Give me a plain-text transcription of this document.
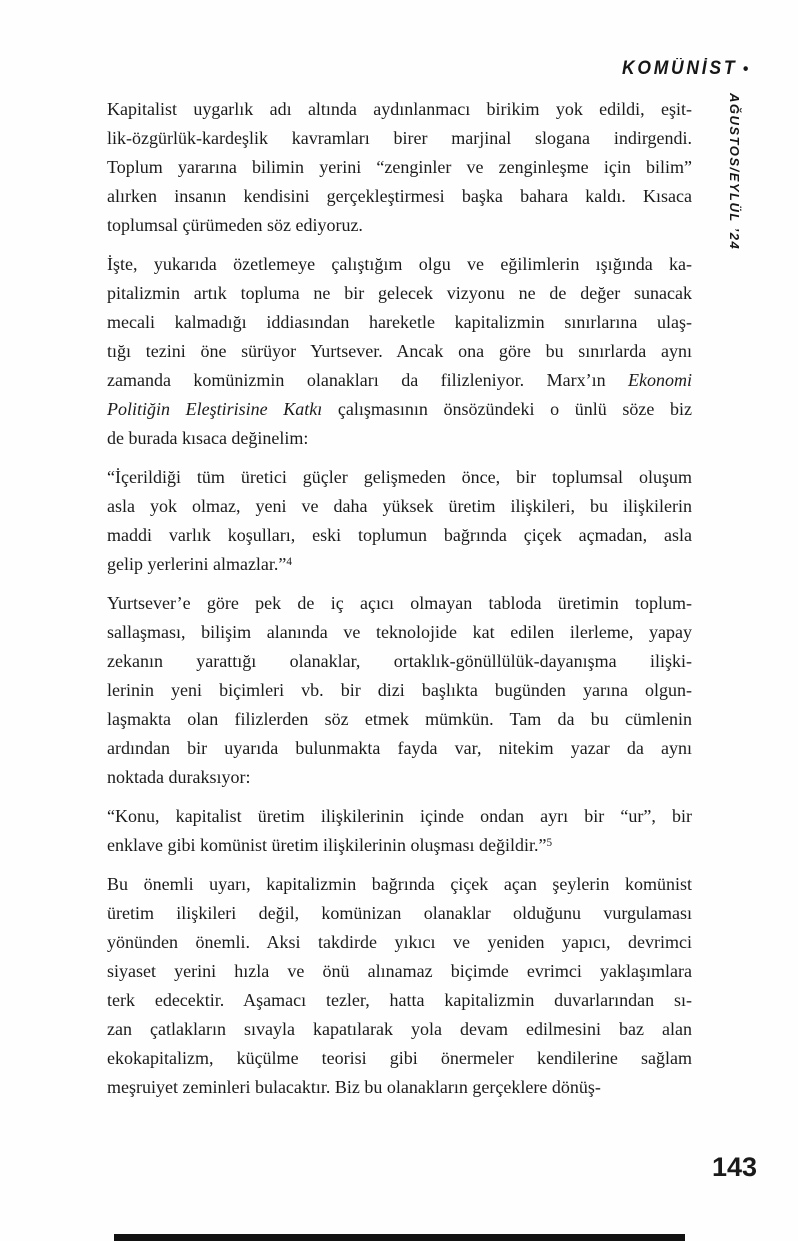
KOMÜNİST •
AĞUSTOS/EYLÜL ’24
Kapitalist uygarlık adı altında aydınlanmacı birikim yok edildi, eşit-
lik-özgürlük-kardeşlik kavramları birer marjinal slogana indirgendi.
Toplum yararına bilimin yerini “zenginler ve zenginleşme için bilim”
alırken insanın kendisini gerçekleştirmesi başka bahara kaldı. Kısaca
toplumsal çürümeden söz ediyoruz.
İşte, yukarıda özetlemeye çalıştığım olgu ve eğilimlerin ışığında ka-
pitalizmin artık topluma ne bir gelecek vizyonu ne de değer sunacak
mecali kalmadığı iddiasından hareketle kapitalizmin sınırlarına ulaş-
tığı tezini öne sürüyor Yurtsever. Ancak ona göre bu sınırlarda aynı
zamanda komünizmin olanakları da filizleniyor. Marx’ın Ekonomi
Politiğin Eleştirisine Katkı çalışmasının önsözündeki o ünlü söze biz
de burada kısaca değinelim:
“İçerildiği tüm üretici güçler gelişmeden önce, bir toplumsal oluşum
asla yok olmaz, yeni ve daha yüksek üretim ilişkileri, bu ilişkilerin
maddi varlık koşulları, eski toplumun bağrında çiçek açmadan, asla
gelip yerlerini almazlar.”$^4$
Yurtsever’e göre pek de iç açıcı olmayan tabloda üretimin toplum-
sallaşması, bilişim alanında ve teknolojide kat edilen ilerleme, yapay
zekanın yarattığı olanaklar, ortaklık-gönüllülük-dayanışma ilişki-
lerinin yeni biçimleri vb. bir dizi başlıkta bugünden yarına olgun-
laşmakta olan filizlerden söz etmek mümkün. Tam da bu cümlenin
ardından bir uyarıda bulunmakta fayda var, nitekim yazar da aynı
noktada duraksıyor:
“Konu, kapitalist üretim ilişkilerinin içinde ondan ayrı bir “ur”, bir
enklave gibi komünist üretim ilişkilerinin oluşması değildir.”$^5$
Bu önemli uyarı, kapitalizmin bağrında çiçek açan şeylerin komünist
üretim ilişkileri değil, komünizan olanaklar olduğunu vurgulaması
yönünden önemli. Aksi takdirde yıkıcı ve yeniden yapıcı, devrimci
siyaset yerini hızla ve önü alınamaz biçimde evrimci yaklaşımlara
terk edecektir. Aşamacı tezler, hatta kapitalizmin duvarlarından sı-
zan çatlakların sıvayla kapatılarak yola devam edilmesini baz alan
ekokapitalizm, küçülme teorisi gibi önermeler kendilerine sağlam
meşruiyet zeminleri bulacaktır. Biz bu olanakların gerçeklere dönüş-
143
